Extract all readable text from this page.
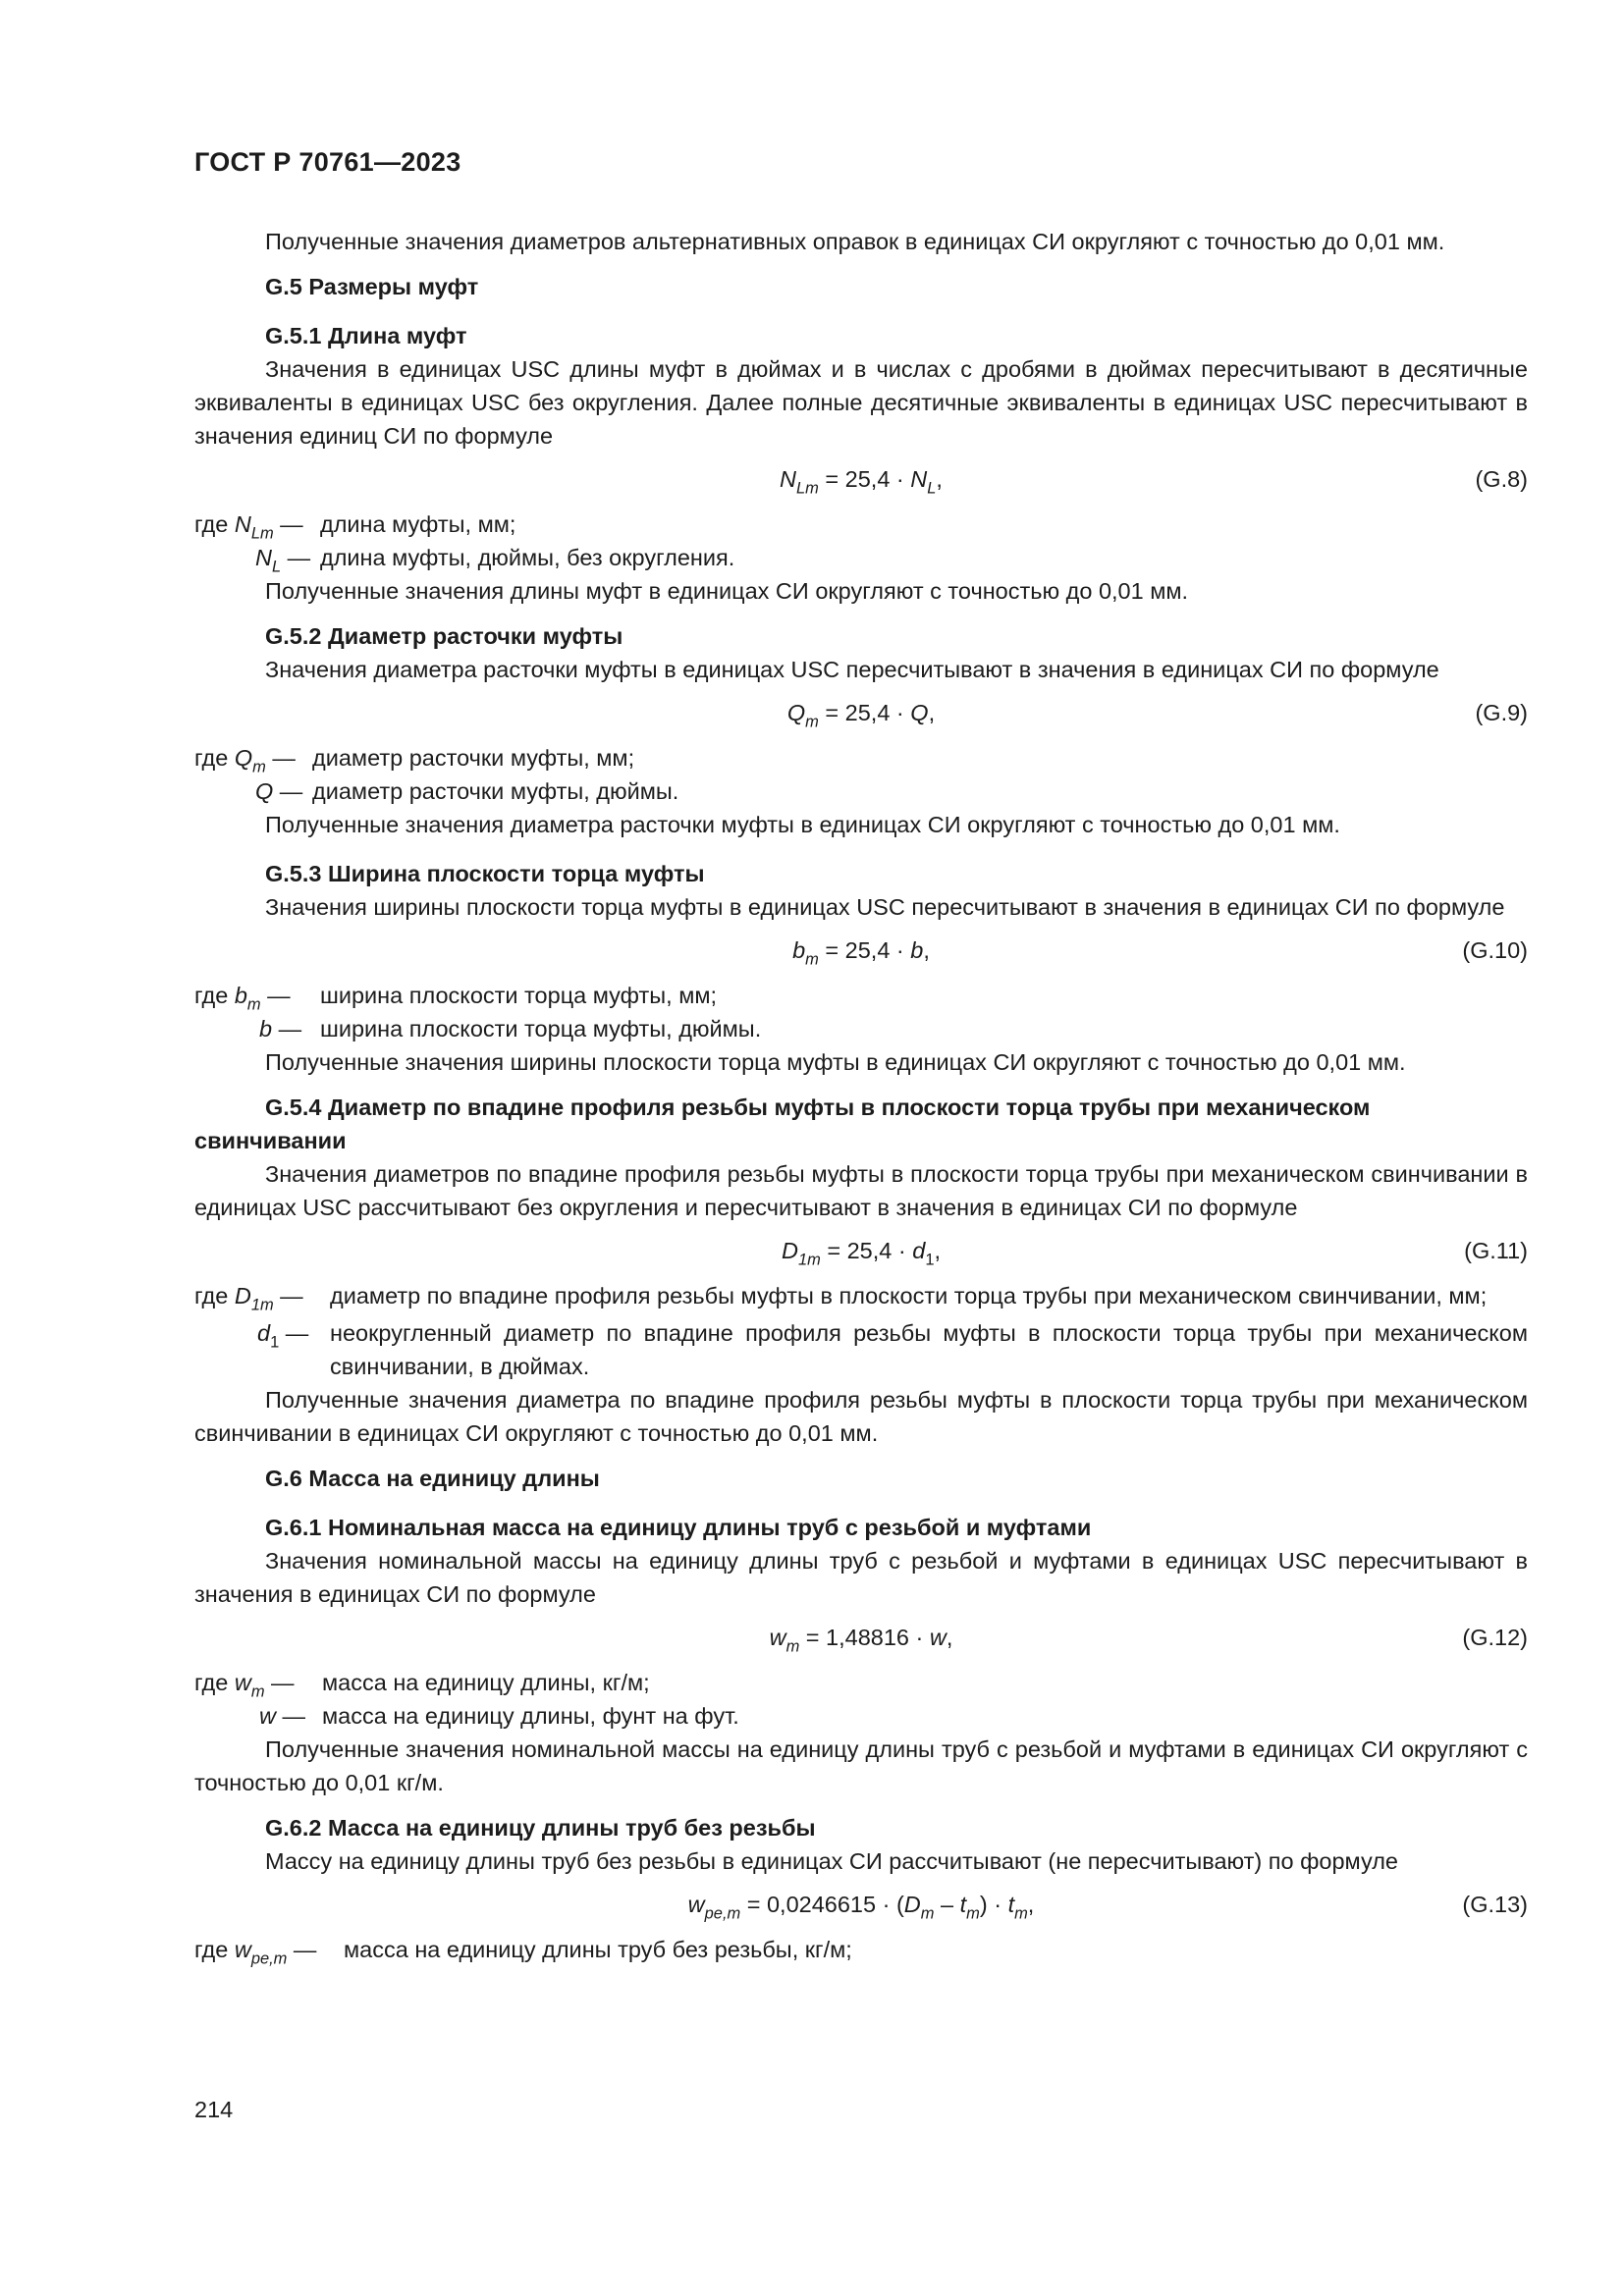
ГОСТ Р 70761—2023

Полученные значения диаметров альтернативных оправок в единицах СИ округляют с точностью до 0,01 мм.

G.5 Размеры муфт

G.5.1 Длина муфт

Значения в единицах USC длины муфт в дюймах и в числах с дробями в дюймах пересчитывают в десятичные эквиваленты в единицах USC без округления. Далее полные десятичные эквиваленты в единицах USC пересчитывают в значения единиц СИ по формуле

$N_{Lm} = 25,4 \cdot N_L$,	(G.8)
где $N_{Lm}$ — длина муфты, мм;
$N_L$ — длина муфты, дюймы, без округления.

Полученные значения длины муфт в единицах СИ округляют с точностью до 0,01 мм.

G.5.2 Диаметр расточки муфты

Значения диаметра расточки муфты в единицах USC пересчитывают в значения в единицах СИ по формуле

$Q_m = 25,4 \cdot Q$,	(G.9)
где $Q_m$ — диаметр расточки муфты, мм;
Q — диаметр расточки муфты, дюймы.

Полученные значения диаметра расточки муфты в единицах СИ округляют с точностью до 0,01 мм.

G.5.3 Ширина плоскости торца муфты

Значения ширины плоскости торца муфты в единицах USC пересчитывают в значения в единицах СИ по формуле

$b_m = 25,4 \cdot b$,	(G.10)
где $b_m$ —	ширина плоскости торца муфты, мм;
b — ширина плоскости торца муфты, дюймы.

Полученные значения ширины плоскости торца муфты в единицах СИ округляют с точностью до 0,01 мм.

G.5.4 Диаметр по впадине профиля резьбы муфты в плоскости торца трубы при механическом свинчивании

Значения диаметров по впадине профиля резьбы муфты в плоскости торца трубы при механическом свинчивании в единицах USC рассчитывают без округления и пересчитывают в значения в единицах СИ по формуле

$D_{1m} = 25,4 \cdot d_1$,	(G.11)
где $D_{1m}$ —	диаметр по впадине профиля резьбы муфты в плоскости торца трубы при механическом свинчивании, мм;
$d_1$ — неокругленный диаметр по впадине профиля резьбы муфты в плоскости торца трубы при механическом свинчивании, в дюймах.

Полученные значения диаметра по впадине профиля резьбы муфты в плоскости торца трубы при механическом свинчивании в единицах СИ округляют с точностью до 0,01 мм.

G.6 Масса на единицу длины

G.6.1 Номинальная масса на единицу длины труб с резьбой и муфтами

Значения номинальной массы на единицу длины труб с резьбой и муфтами в единицах USC пересчитывают в значения в единицах СИ по формуле

$w_m = 1,48816 \cdot w$,	(G.12)
где $w_m$ —	масса на единицу длины, кг/м;
w — масса на единицу длины, фунт на фут.

Полученные значения номинальной массы на единицу длины труб с резьбой и муфтами в единицах СИ округляют с точностью до 0,01 кг/м.

G.6.2 Масса на единицу длины труб без резьбы

Массу на единицу длины труб без резьбы в единицах СИ рассчитывают (не пересчитывают) по формуле

$w_{pe,m} = 0,0246615 \cdot (D_m - t_m) \cdot t_m$,	(G.13)
где $w_{pe,m}$ —	масса на единицу длины труб без резьбы, кг/м;
214
